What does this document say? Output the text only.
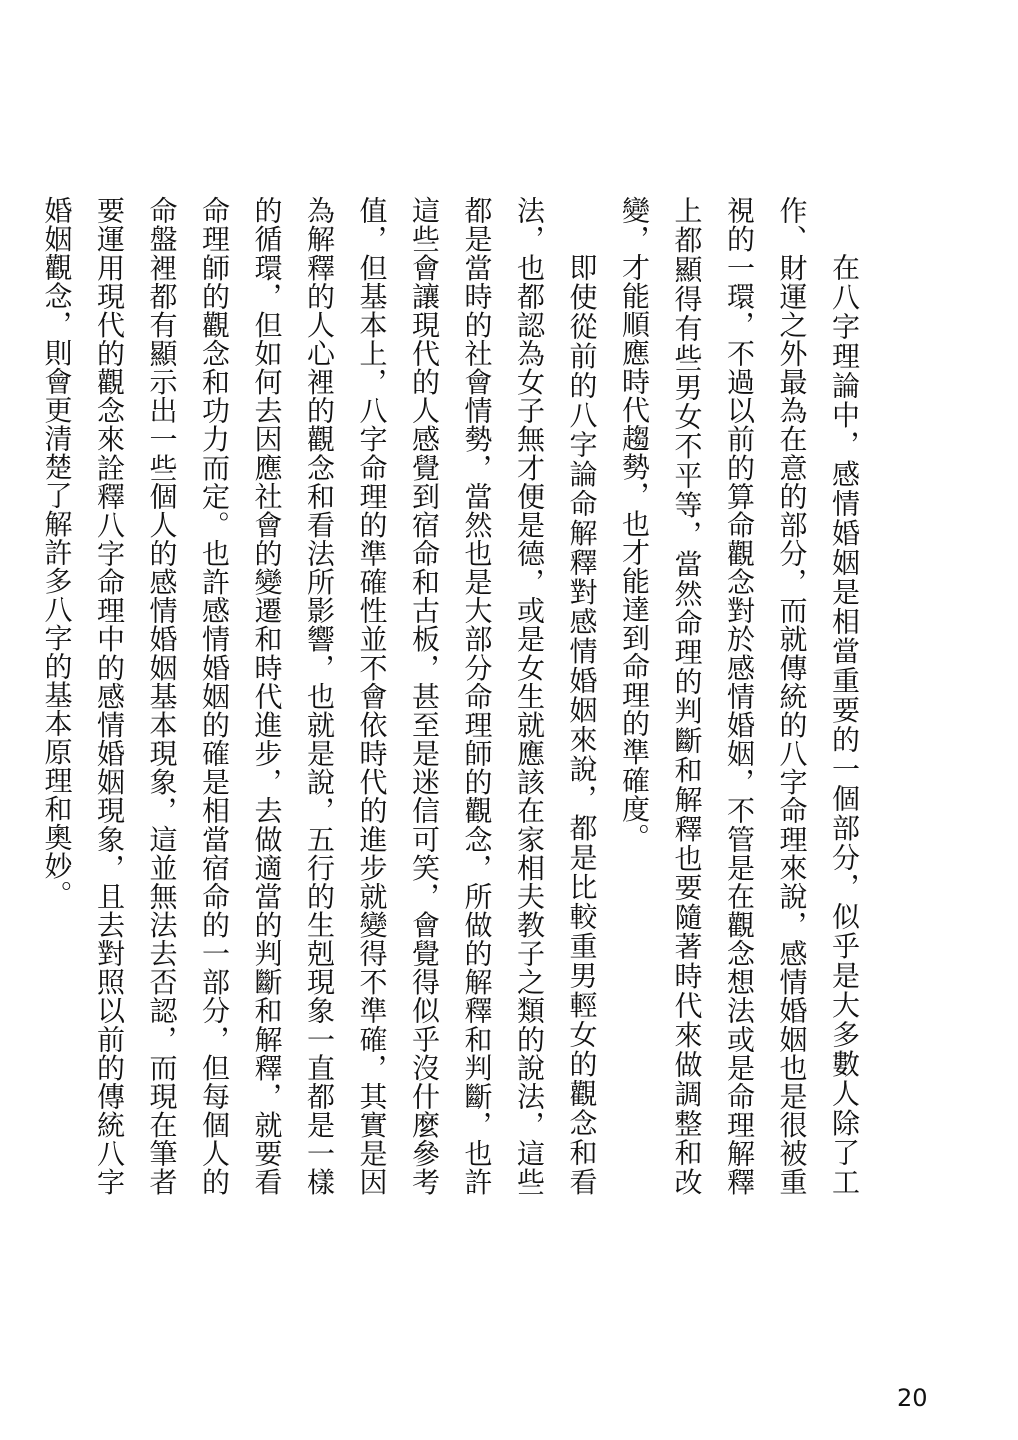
在八字理論中，感情婚姻是相當重要的一個部分，似乎是大多數人除了工作、財運之外最為在意的部分，而就傳統的八字命理來說，感情婚姻也是很被重視的一環，不過以前的算命觀念對於感情婚姻，不管是在觀念想法或是命理解釋上都顯得有些男女不平等，當然命理的判斷和解釋也要隨著時代來做調整和改變，才能順應時代趨勢，也才能達到命理的準確度。

即使從前的八字論命解釋對感情婚姻來說，都是比較重男輕女的觀念和看法，也都認為女子無才便是德，或是女生就應該在家相夫教子之類的說法，這些都是當時的社會情勢，當然也是大部分命理師的觀念，所做的解釋和判斷，也許這些會讓現代的人感覺到宿命和古板，甚至是迷信可笑，會覺得似乎沒什麼參考值，但基本上，八字命理的準確性並不會依時代的進步就變得不準確，其實是因為解釋的人心裡的觀念和看法所影響，也就是說，五行的生剋現象一直都是一樣的循環，但如何去因應社會的變遷和時代進步，去做適當的判斷和解釋，就要看命理師的觀念和功力而定。也許感情婚姻的確是相當宿命的一部分，但每個人的命盤裡都有顯示出一些個人的感情婚姻基本現象，這並無法去否認，而現在筆者要運用現代的觀念來詮釋八字命理中的感情婚姻現象，且去對照以前的傳統八字婚姻觀念，則會更清楚了解許多八字的基本原理和奧妙。

20
